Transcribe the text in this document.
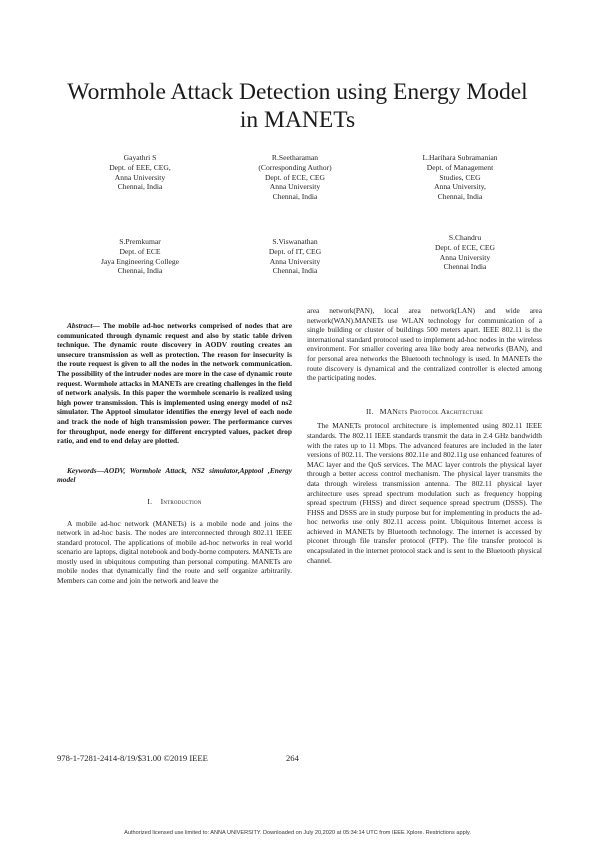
Wormhole Attack Detection using Energy Model in MANETs
Gayathri S
Dept. of EEE, CEG,
Anna University
Chennai, India
R.Seetharaman
(Corresponding Author)
Dept. of ECE, CEG
Anna University
Chennai, India
L.Harihara Subramanian
Dept. of Management
Studies, CEG
Anna University,
Chennai, India
S.Premkumar
Dept. of ECE
Jaya Engineering College
Chennai, India
S.Viswanathan
Dept. of IT, CEG
Anna University
Chennai, India
S.Chandru
Dept. of ECE, CEG
Anna University
Chennai India

Abstract— The mobile ad-hoc networks comprised of nodes that are communicated through dynamic request and also by static table driven technique. The dynamic route discovery in AODV routing creates an unsecure transmission as well as protection. The reason for insecurity is the route request is given to all the nodes in the network communication. The possibility of the intruder nodes are more in the case of dynamic route request. Wormhole attacks in MANETs are creating challenges in the field of network analysis. In this paper the wormhole scenario is realized using high power transmission. This is implemented using energy model of ns2 simulator. The Apptool simulator identifies the energy level of each node and track the node of high transmission power. The performance curves for throughput, node energy for different encrypted values, packet drop ratio, and end to end delay are plotted.

Keywords—AODV, Wormhole Attack, NS2 simulator,Apptool ,Energy model

I. Introduction

A mobile ad-hoc network (MANETs) is a mobile node and joins the network in ad-hoc basis. The nodes are interconnected through 802.11 IEEE standard protocol. The applications of mobile ad-hoc networks in real world scenario are laptops, digital notebook and body-borne computers. MANETs are mostly used in ubiquitous computing than personal computing. MANETs are mobile nodes that dynamically find the route and self organize arbitrarily. Members can come and join the network and leave the

area network(PAN), local area network(LAN) and wide area network(WAN).MANETs use WLAN technology for communication of a single building or cluster of buildings 500 meters apart. IEEE 802.11 is the international standard protocol used to implement ad-hoc nodes in the wireless environment. For smaller covering area like body area networks (BAN), and for personal area networks the Bluetooth technology is used. In MANETs the route discovery is dynamical and the centralized controller is elected among the participating nodes.

II. MANets Protocol Architecture

The MANETs protocol architecture is implemented using 802.11 IEEE standards. The 802.11 IEEE standards transmit the data in 2.4 GHz bandwidth with the rates up to 11 Mbps. The advanced features are included in the later versions of 802.11. The versions 802.11e and 802.11g use enhanced features of MAC layer and the QoS services. The MAC layer controls the physical layer through a better access control mechanism. The physical layer transmits the data through wireless transmission antenna. The 802.11 physical layer architecture uses spread spectrum modulation such as frequency hopping spread spectrum (FHSS) and direct sequence spread spectrum (DSSS). The FHSS and DSSS are in study purpose but for implementing in products the ad-hoc networks use only 802.11 access point. Ubiquitous Internet access is achieved in MANETs by Bluetooth technology. The internet is accessed by piconet through file transfer protocol (FTP). The file transfer protocol is encapsulated in the internet protocol stack and is sent to the Bluetooth physical channel.

978-1-7281-2414-8/19/$31.00 ©2019 IEEE	264
Authorized licensed use limited to: ANNA UNIVERSITY. Downloaded on July 20,2020 at 05:34:14 UTC from IEEE Xplore. Restrictions apply.
